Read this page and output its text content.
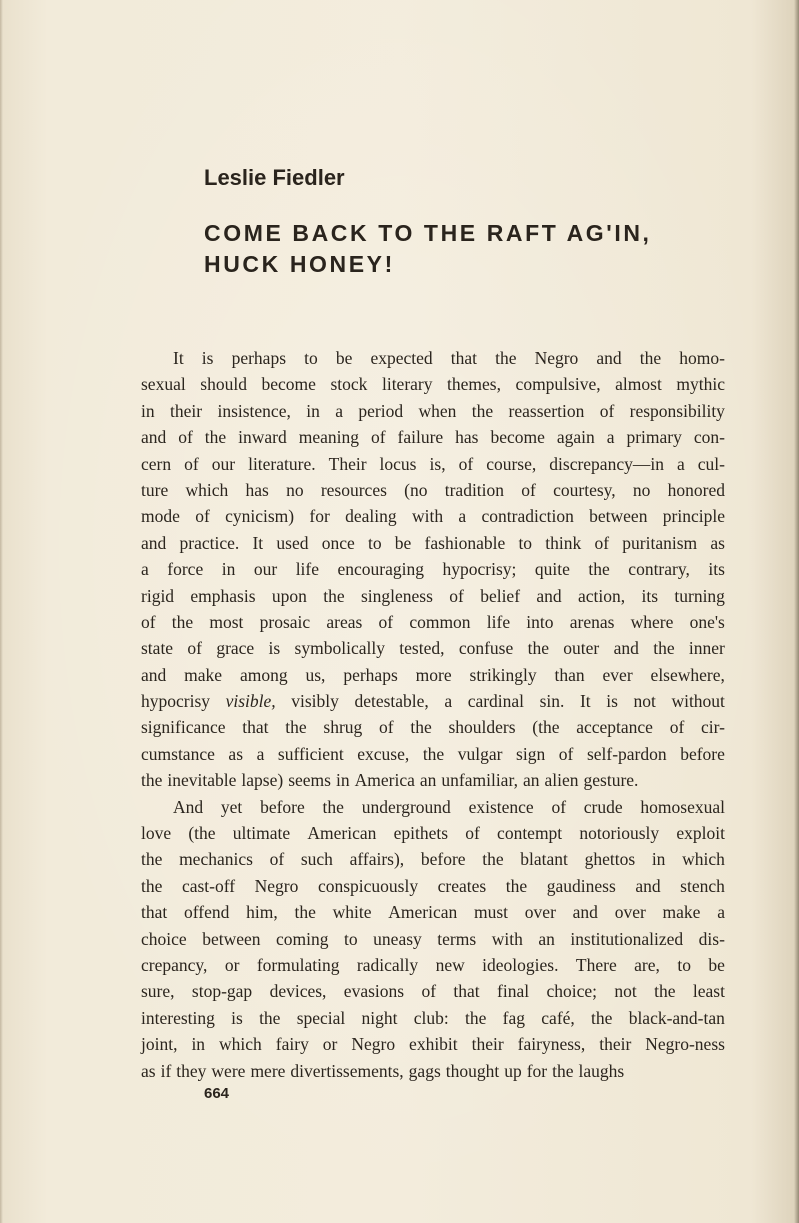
Leslie Fiedler
COME BACK TO THE RAFT AG'IN,
HUCK HONEY!
It is perhaps to be expected that the Negro and the homo-
sexual should become stock literary themes, compulsive, almost mythic
in their insistence, in a period when the reassertion of responsibility
and of the inward meaning of failure has become again a primary con-
cern of our literature. Their locus is, of course, discrepancy—in a cul-
ture which has no resources (no tradition of courtesy, no honored
mode of cynicism) for dealing with a contradiction between principle
and practice. It used once to be fashionable to think of puritanism as
a force in our life encouraging hypocrisy; quite the contrary, its
rigid emphasis upon the singleness of belief and action, its turning
of the most prosaic areas of common life into arenas where one's
state of grace is symbolically tested, confuse the outer and the inner
and make among us, perhaps more strikingly than ever elsewhere,
hypocrisy visible, visibly detestable, a cardinal sin. It is not without
significance that the shrug of the shoulders (the acceptance of cir-
cumstance as a sufficient excuse, the vulgar sign of self-pardon before
the inevitable lapse) seems in America an unfamiliar, an alien gesture.
And yet before the underground existence of crude homosexual
love (the ultimate American epithets of contempt notoriously exploit
the mechanics of such affairs), before the blatant ghettos in which
the cast-off Negro conspicuously creates the gaudiness and stench
that offend him, the white American must over and over make a
choice between coming to uneasy terms with an institutionalized dis-
crepancy, or formulating radically new ideologies. There are, to be
sure, stop-gap devices, evasions of that final choice; not the least
interesting is the special night club: the fag café, the black-and-tan
joint, in which fairy or Negro exhibit their fairyness, their Negro-ness
as if they were mere divertissements, gags thought up for the laughs
664
